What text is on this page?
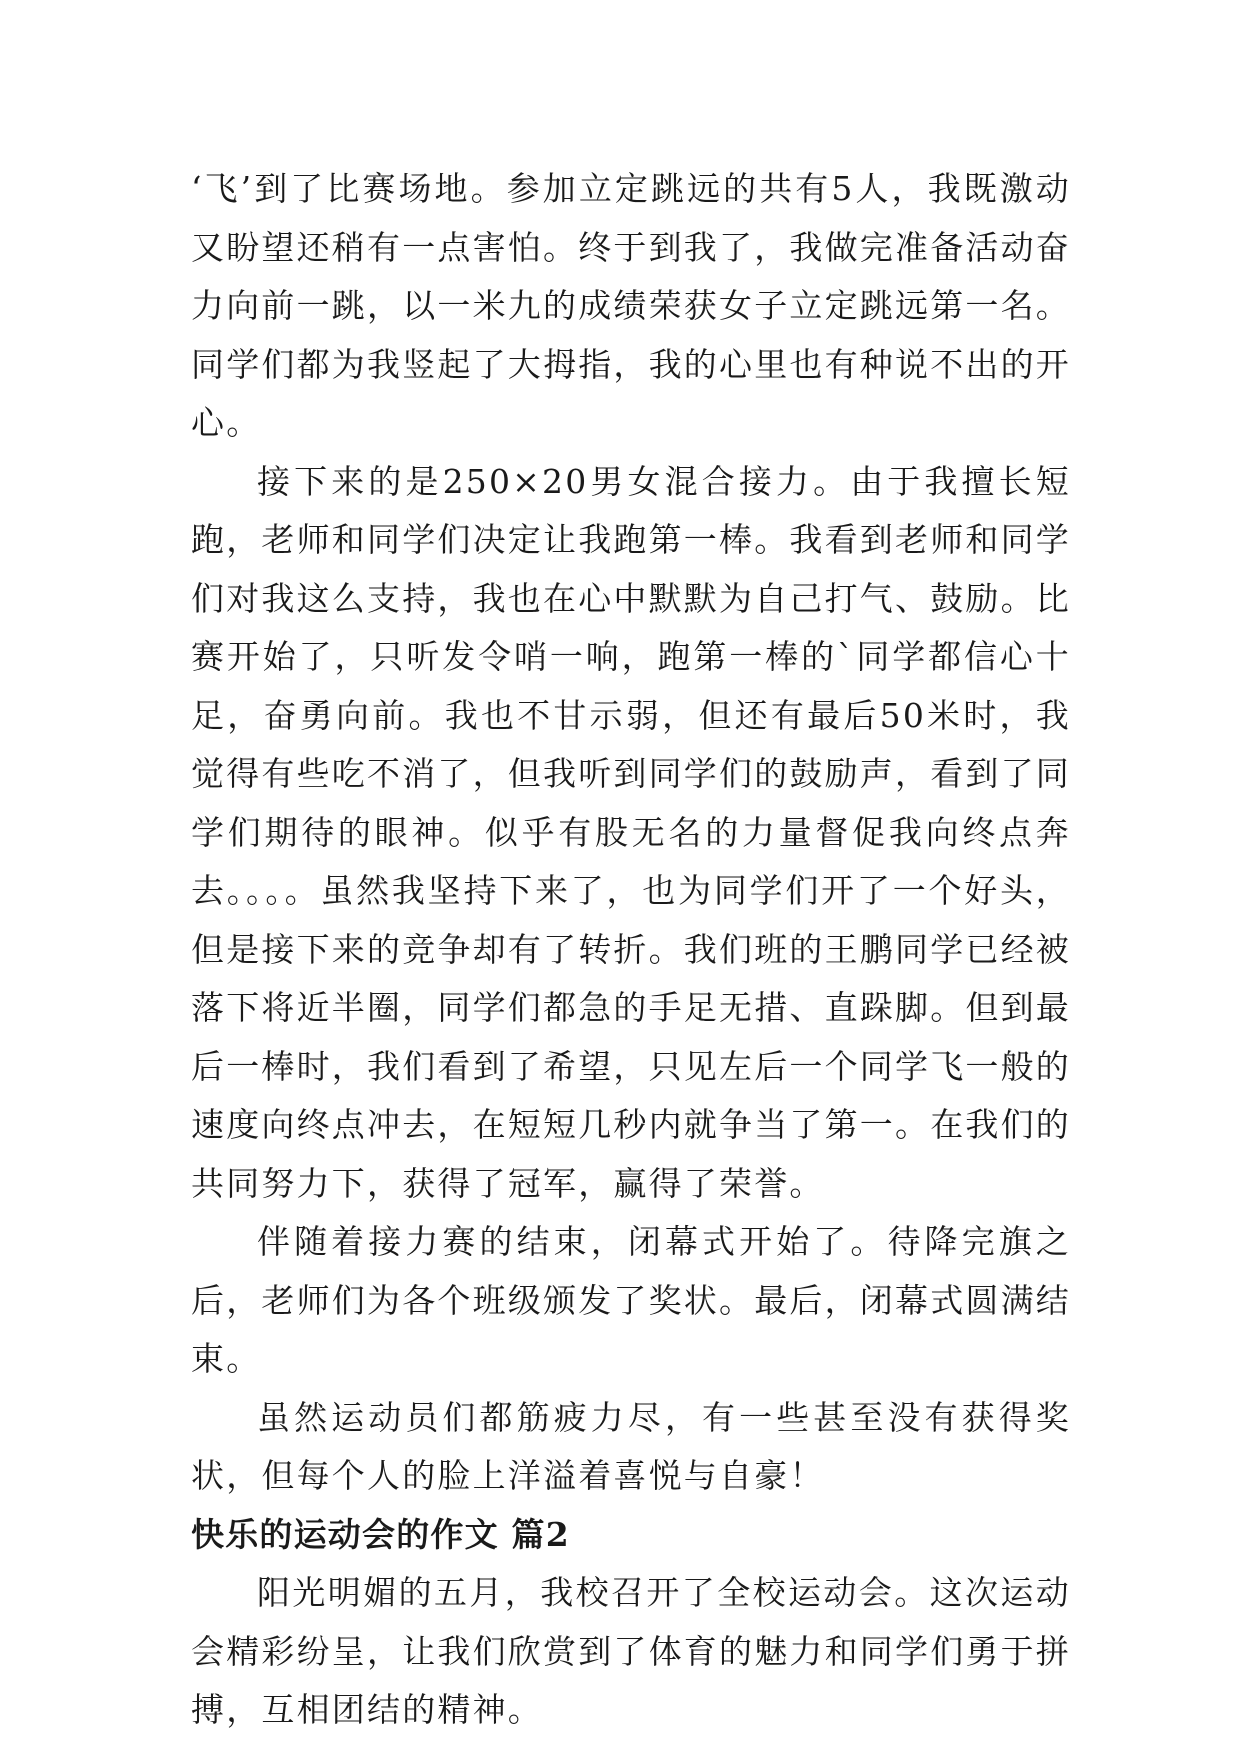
‘飞’到了比赛场地。参加立定跳远的共有5人，我既激动又盼望还稍有一点害怕。终于到我了，我做完准备活动奋力向前一跳，以一米九的成绩荣获女子立定跳远第一名。同学们都为我竖起了大拇指，我的心里也有种说不出的开心。

接下来的是250×20男女混合接力。由于我擅长短跑，老师和同学们决定让我跑第一棒。我看到老师和同学们对我这么支持，我也在心中默默为自己打气、鼓励。比赛开始了，只听发令哨一响，跑第一棒的`同学都信心十足，奋勇向前。我也不甘示弱，但还有最后50米时，我觉得有些吃不消了，但我听到同学们的鼓励声，看到了同学们期待的眼神。似乎有股无名的力量督促我向终点奔去。。。。虽然我坚持下来了，也为同学们开了一个好头，但是接下来的竞争却有了转折。我们班的王鹏同学已经被落下将近半圈，同学们都急的手足无措、直跺脚。但到最后一棒时，我们看到了希望，只见左后一个同学飞一般的速度向终点冲去，在短短几秒内就争当了第一。在我们的共同努力下，获得了冠军，赢得了荣誉。

伴随着接力赛的结束，闭幕式开始了。待降完旗之后，老师们为各个班级颁发了奖状。最后，闭幕式圆满结束。

虽然运动员们都筋疲力尽，有一些甚至没有获得奖状，但每个人的脸上洋溢着喜悦与自豪！

快乐的运动会的作文 篇2

阳光明媚的五月，我校召开了全校运动会。这次运动会精彩纷呈，让我们欣赏到了体育的魅力和同学们勇于拼搏，互相团结的精神。
